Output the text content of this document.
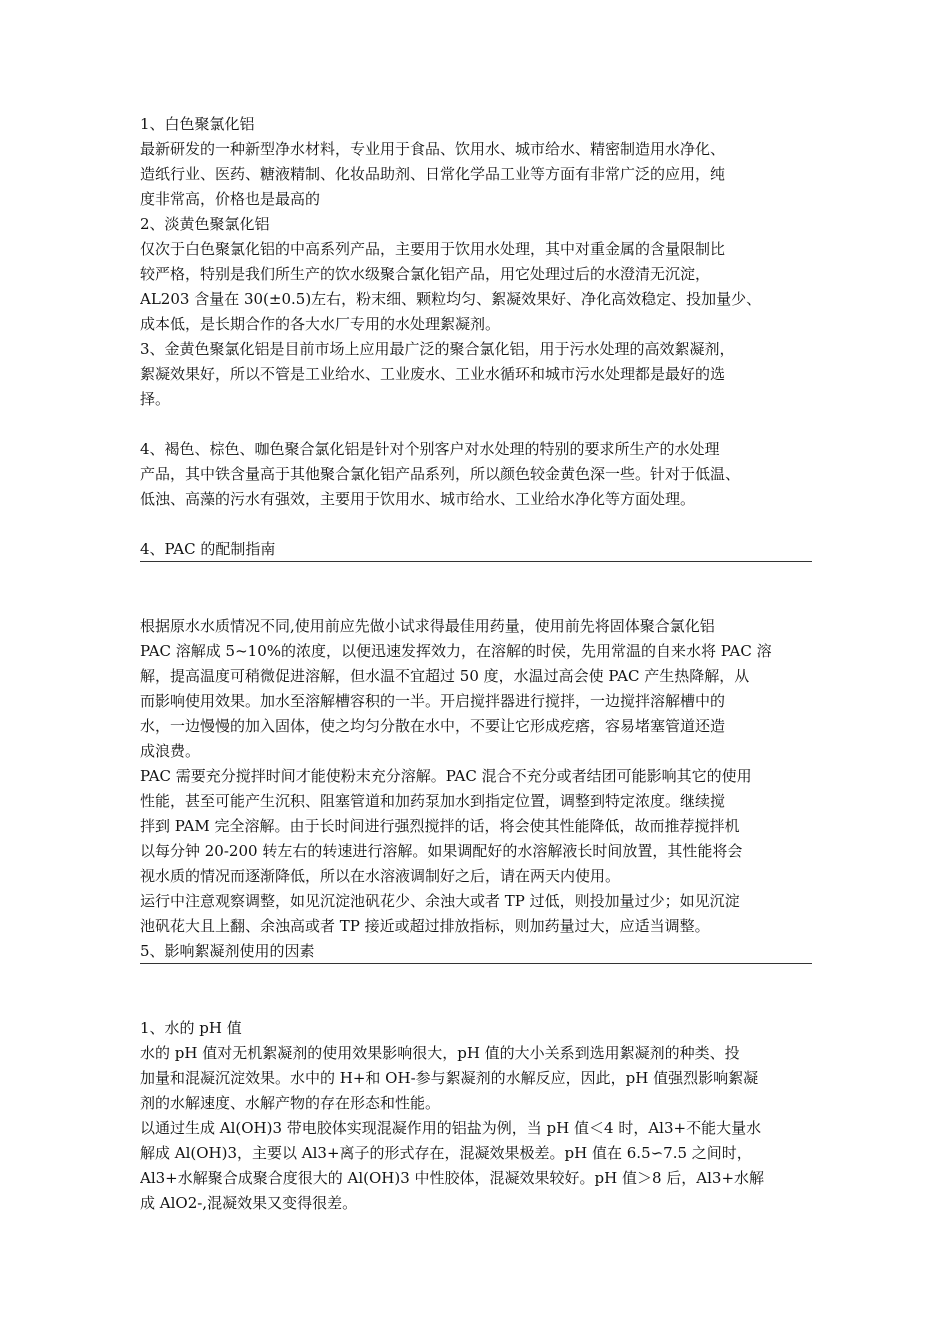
1、白色聚氯化铝
最新研发的一种新型净水材料，专业用于食品、饮用水、城市给水、精密制造用水净化、
造纸行业、医药、糖液精制、化妆品助剂、日常化学品工业等方面有非常广泛的应用，纯
度非常高，价格也是最高的
2、淡黄色聚氯化铝
仅次于白色聚氯化铝的中高系列产品，主要用于饮用水处理，其中对重金属的含量限制比
较严格，特别是我们所生产的饮水级聚合氯化铝产品，用它处理过后的水澄清无沉淀，
AL203 含量在 30(±0.5)左右，粉末细、颗粒均匀、絮凝效果好、净化高效稳定、投加量少、
成本低，是长期合作的各大水厂专用的水处理絮凝剂。
3、金黄色聚氯化铝是目前市场上应用最广泛的聚合氯化铝，用于污水处理的高效絮凝剂，
絮凝效果好，所以不管是工业给水、工业废水、工业水循环和城市污水处理都是最好的选
择。
4、褐色、棕色、咖色聚合氯化铝是针对个别客户对水处理的特别的要求所生产的水处理
产品，其中铁含量高于其他聚合氯化铝产品系列，所以颜色较金黄色深一些。针对于低温、
低浊、高藻的污水有强效，主要用于饮用水、城市给水、工业给水净化等方面处理。
4、PAC 的配制指南
根据原水水质情况不同,使用前应先做小试求得最佳用药量，使用前先将固体聚合氯化铝
PAC 溶解成 5~10%的浓度，以便迅速发挥效力，在溶解的时侯，先用常温的自来水将 PAC 溶
解，提高温度可稍微促进溶解，但水温不宜超过 50 度，水温过高会使 PAC 产生热降解，从
而影响使用效果。加水至溶解槽容积的一半。开启搅拌器进行搅拌，一边搅拌溶解槽中的
水，一边慢慢的加入固体，使之均匀分散在水中，不要让它形成疙瘩，容易堵塞管道还造
成浪费。
PAC 需要充分搅拌时间才能使粉末充分溶解。PAC 混合不充分或者结团可能影响其它的使用
性能，甚至可能产生沉积、阻塞管道和加药泵加水到指定位置，调整到特定浓度。继续搅
拌到 PAM 完全溶解。由于长时间进行强烈搅拌的话，将会使其性能降低，故而推荐搅拌机
以每分钟 20-200 转左右的转速进行溶解。如果调配好的水溶解液长时间放置，其性能将会
视水质的情况而逐渐降低，所以在水溶液调制好之后，请在两天内使用。
运行中注意观察调整，如见沉淀池矾花少、余浊大或者 TP 过低，则投加量过少；如见沉淀
池矾花大且上翻、余浊高或者 TP 接近或超过排放指标，则加药量过大，应适当调整。
5、影响絮凝剂使用的因素
1、水的 pH 值
水的 pH 值对无机絮凝剂的使用效果影响很大，pH 值的大小关系到选用絮凝剂的种类、投
加量和混凝沉淀效果。水中的 H+和 OH-参与絮凝剂的水解反应，因此，pH 值强烈影响絮凝
剂的水解速度、水解产物的存在形态和性能。
以通过生成 Al(OH)3 带电胶体实现混凝作用的铝盐为例，当 pH 值＜4 时，Al3+不能大量水
解成 Al(OH)3，主要以 Al3+离子的形式存在，混凝效果极差。pH 值在 6.5∽7.5 之间时，
Al3+水解聚合成聚合度很大的 Al(OH)3 中性胶体，混凝效果较好。pH 值＞8 后，Al3+水解
成 AlO2-,混凝效果又变得很差。
